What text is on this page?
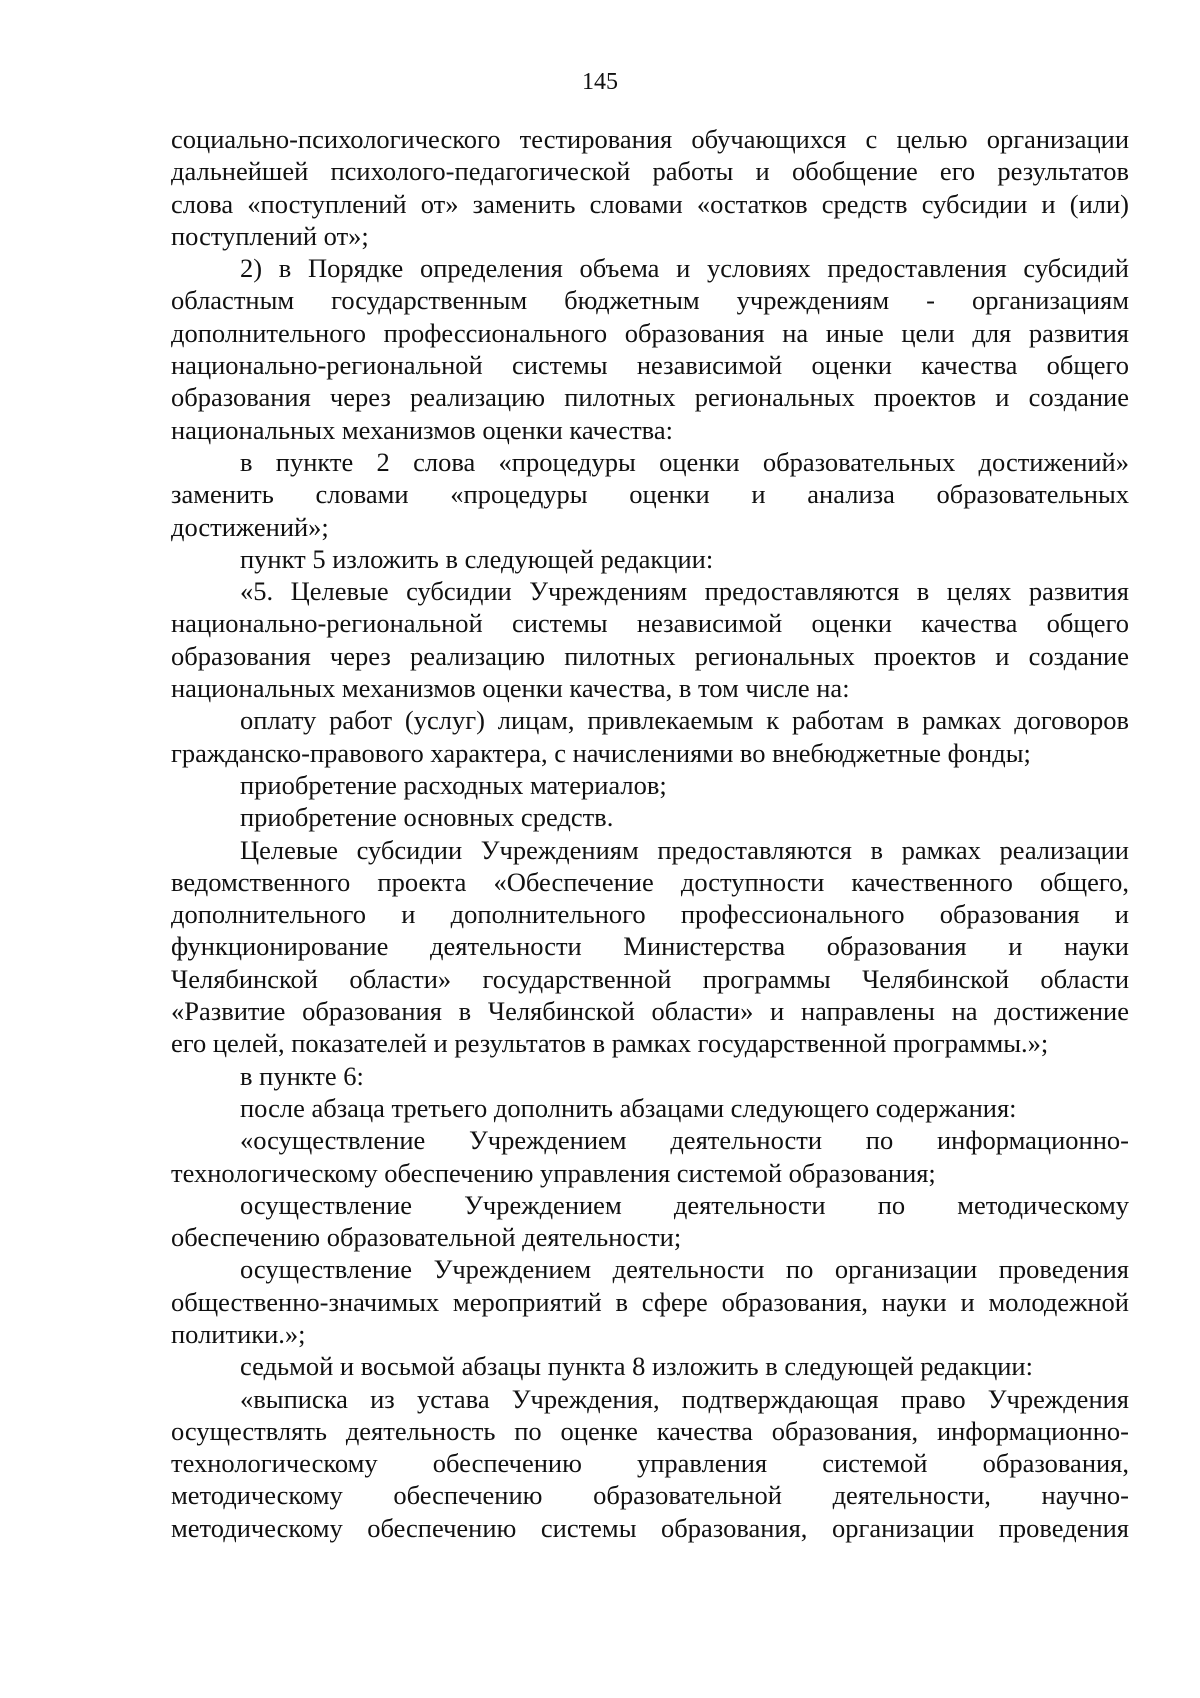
145
социально-психологического тестирования обучающихся с целью организации
дальнейшей психолого-педагогической работы и обобщение его результатов
слова «поступлений от» заменить словами «остатков средств субсидии и (или)
поступлений от»;
2) в Порядке определения объема и условиях предоставления субсидий
областным государственным бюджетным учреждениям - организациям
дополнительного профессионального образования на иные цели для развития
национально-региональной системы независимой оценки качества общего
образования через реализацию пилотных региональных проектов и создание
национальных механизмов оценки качества:
в пункте 2 слова «процедуры оценки образовательных достижений»
заменить словами «процедуры оценки и анализа образовательных
достижений»;
пункт 5 изложить в следующей редакции:
«5. Целевые субсидии Учреждениям предоставляются в целях развития
национально-региональной системы независимой оценки качества общего
образования через реализацию пилотных региональных проектов и создание
национальных механизмов оценки качества, в том числе на:
оплату работ (услуг) лицам, привлекаемым к работам в рамках договоров
гражданско-правового характера, с начислениями во внебюджетные фонды;
приобретение расходных материалов;
приобретение основных средств.
Целевые субсидии Учреждениям предоставляются в рамках реализации
ведомственного проекта «Обеспечение доступности качественного общего,
дополнительного и дополнительного профессионального образования и
функционирование деятельности Министерства образования и науки
Челябинской области» государственной программы Челябинской области
«Развитие образования в Челябинской области» и направлены на достижение
его целей, показателей и результатов в рамках государственной программы.»;
в пункте 6:
после абзаца третьего дополнить абзацами следующего содержания:
«осуществление Учреждением деятельности по информационно-
технологическому обеспечению управления системой образования;
осуществление Учреждением деятельности по методическому
обеспечению образовательной деятельности;
осуществление Учреждением деятельности по организации проведения
общественно-значимых мероприятий в сфере образования, науки и молодежной
политики.»;
седьмой и восьмой абзацы пункта 8 изложить в следующей редакции:
«выписка из устава Учреждения, подтверждающая право Учреждения
осуществлять деятельность по оценке качества образования, информационно-
технологическому обеспечению управления системой образования,
методическому обеспечению образовательной деятельности, научно-
методическому обеспечению системы образования, организации проведения
